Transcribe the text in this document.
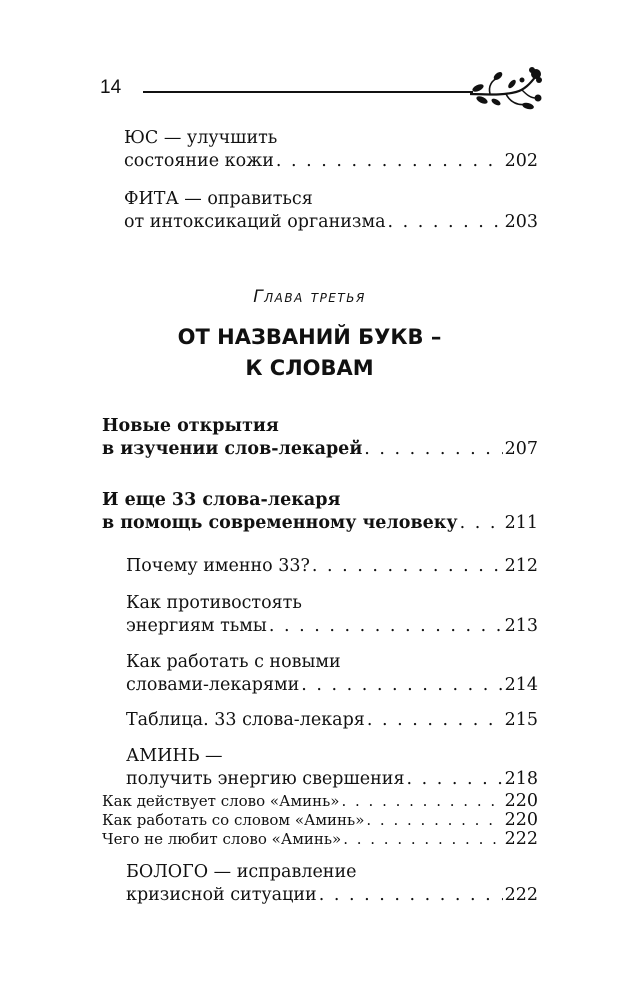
14
ЮС — улучшить
состояние кожи . . .	202
ФИТА — оправиться
от интоксикаций организма . . .	203
Глава третья
ОТ НАЗВАНИЙ БУКВ –
К СЛОВАМ
Новые открытия
в изучении слов-лекарей . . .	207
И еще 33 слова-лекаря
в помощь современному человеку . . .	211
Почему именно 33? . . .	212
Как противостоять
энергиям тьмы . . .	213
Как работать с новыми
словами-лекарями . . .	214
Таблица. 33 слова-лекаря . . .	215
АМИНЬ —
получить энергию свершения . . .	218
Как действует слово «Аминь» . . .	220
Как работать со словом «Аминь» . . .	220
Чего не любит слово «Аминь» . . .	222
БОЛОГО — исправление
кризисной ситуации . . .	222
